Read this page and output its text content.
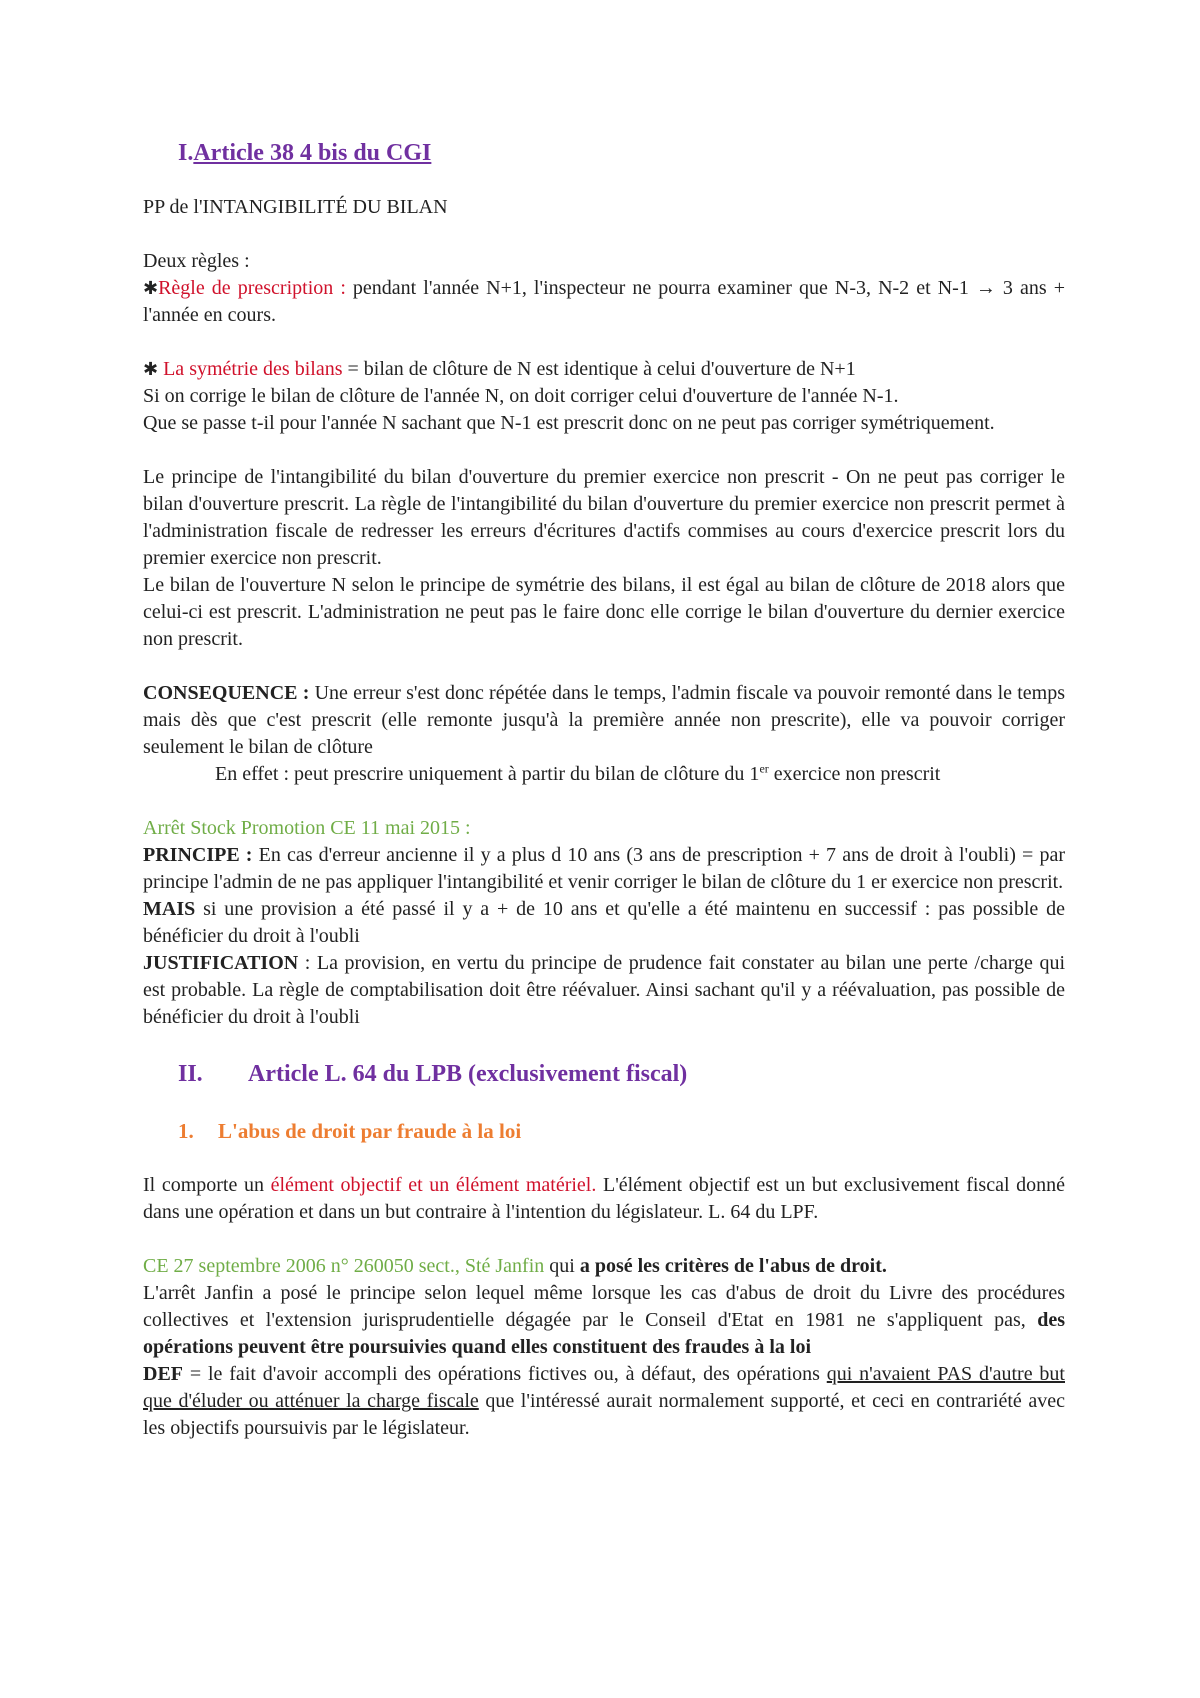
I.Article 38 4 bis du CGI

PP de l'INTANGIBILITÉ DU BILAN

Deux règles :

✱Règle de prescription : pendant l'année N+1, l'inspecteur ne pourra examiner que N-3, N-2 et N-1 → 3 ans + l'année en cours.

✱ La symétrie des bilans = bilan de clôture de N est identique à celui d'ouverture de N+1

Si on corrige le bilan de clôture de l'année N, on doit corriger celui d'ouverture de l'année N-1.

Que se passe t-il pour l'année N sachant que N-1 est prescrit donc on ne peut pas corriger symétriquement.

Le principe de l'intangibilité du bilan d'ouverture du premier exercice non prescrit - On ne peut pas corriger le bilan d'ouverture prescrit. La règle de l'intangibilité du bilan d'ouverture du premier exercice non prescrit permet à l'administration fiscale de redresser les erreurs d'écritures d'actifs commises au cours d'exercice prescrit lors du premier exercice non prescrit.

Le bilan de l'ouverture N selon le principe de symétrie des bilans, il est égal au bilan de clôture de 2018 alors que celui-ci est prescrit. L'administration ne peut pas le faire donc elle corrige le bilan d'ouverture du dernier exercice non prescrit.

CONSEQUENCE : Une erreur s'est donc répétée dans le temps, l'admin fiscale va pouvoir remonté dans le temps mais dès que c'est prescrit (elle remonte jusqu'à la première année non prescrite), elle va pouvoir corriger seulement le bilan de clôture

En effet : peut prescrire uniquement à partir du bilan de clôture du 1er exercice non prescrit

Arrêt Stock Promotion CE 11 mai 2015 :

PRINCIPE : En cas d'erreur ancienne il y a plus d 10 ans (3 ans de prescription + 7 ans de droit à l'oubli) = par principe l'admin de ne pas appliquer l'intangibilité et venir corriger le bilan de clôture du 1 er exercice non prescrit.

MAIS si une provision a été passé il y a + de 10 ans et qu'elle a été maintenu en successif : pas possible de bénéficier du droit à l'oubli

JUSTIFICATION : La provision, en vertu du principe de prudence fait constater au bilan une perte /charge qui est probable. La règle de comptabilisation doit être réévaluer. Ainsi sachant qu'il y a réévaluation, pas possible de bénéficier du droit à l'oubli

II. Article L. 64 du LPB (exclusivement fiscal)

1. L'abus de droit par fraude à la loi

Il comporte un élément objectif et un élément matériel. L'élément objectif est un but exclusivement fiscal donné dans une opération et dans un but contraire à l'intention du législateur. L. 64 du LPF.

CE 27 septembre 2006 n° 260050 sect., Sté Janfin qui a posé les critères de l'abus de droit.

L'arrêt Janfin a posé le principe selon lequel même lorsque les cas d'abus de droit du Livre des procédures collectives et l'extension jurisprudentielle dégagée par le Conseil d'Etat en 1981 ne s'appliquent pas, des opérations peuvent être poursuivies quand elles constituent des fraudes à la loi

DEF = le fait d'avoir accompli des opérations fictives ou, à défaut, des opérations qui n'avaient PAS d'autre but que d'éluder ou atténuer la charge fiscale que l'intéressé aurait normalement supporté, et ceci en contrariété avec les objectifs poursuivis par le législateur.
